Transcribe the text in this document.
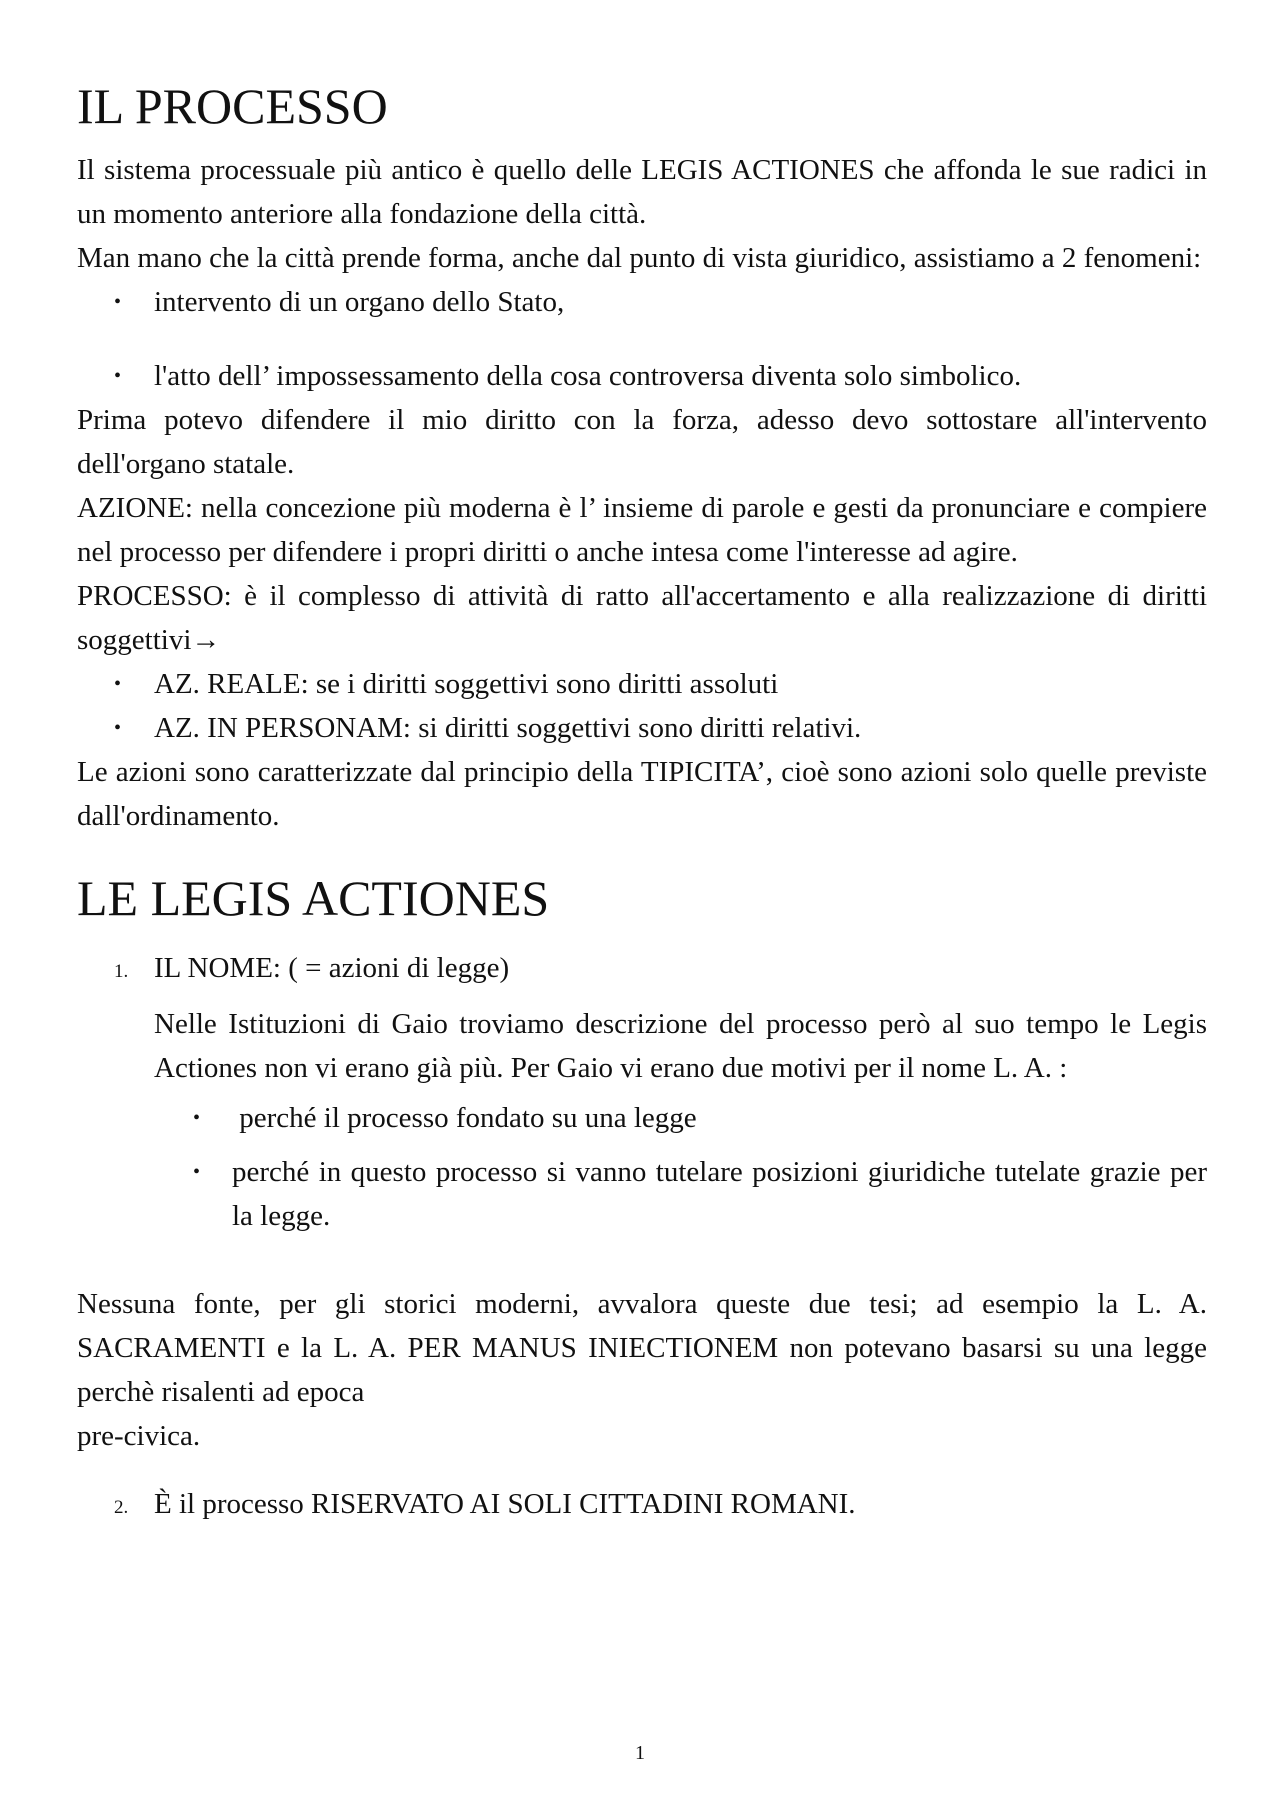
IL PROCESSO

Il sistema processuale più antico è quello delle LEGIS ACTIONES che affonda le sue radici in un momento anteriore alla fondazione della città.

Man mano che la città prende forma, anche dal punto di vista giuridico, assistiamo a 2 fenomeni:

• intervento di un organo dello Stato,
• l'atto dell’ impossessamento della cosa controversa diventa solo simbolico.

Prima potevo difendere il mio diritto con la forza, adesso devo sottostare all'intervento dell'organo statale.

AZIONE: nella concezione più moderna è l’ insieme di parole e gesti da pronunciare e compiere nel processo per difendere i propri diritti o anche intesa come l'interesse ad agire.

PROCESSO: è il complesso di attività di ratto all'accertamento e alla realizzazione di diritti soggettivi→

• AZ. REALE: se i diritti soggettivi sono diritti assoluti
• AZ. IN PERSONAM: si diritti soggettivi sono diritti relativi.

Le azioni sono caratterizzate dal principio della TIPICITA’, cioè sono azioni solo quelle previste dall'ordinamento.

LE LEGIS ACTIONES
1. IL NOME: ( = azioni di legge)

Nelle Istituzioni di Gaio troviamo descrizione del processo però al suo tempo le Legis Actiones non vi erano già più. Per Gaio vi erano due motivi per il nome L. A. :

• perché il processo fondato su una legge
• perché in questo processo si vanno tutelare posizioni giuridiche tutelate grazie per la legge.

Nessuna fonte, per gli storici moderni, avvalora queste due tesi; ad esempio la L. A. SACRAMENTI e la L. A. PER MANUS INIECTIONEM non potevano basarsi su una legge perchè risalenti ad epoca

pre-civica.

2. È il processo RISERVATO AI SOLI CITTADINI ROMANI.
1
